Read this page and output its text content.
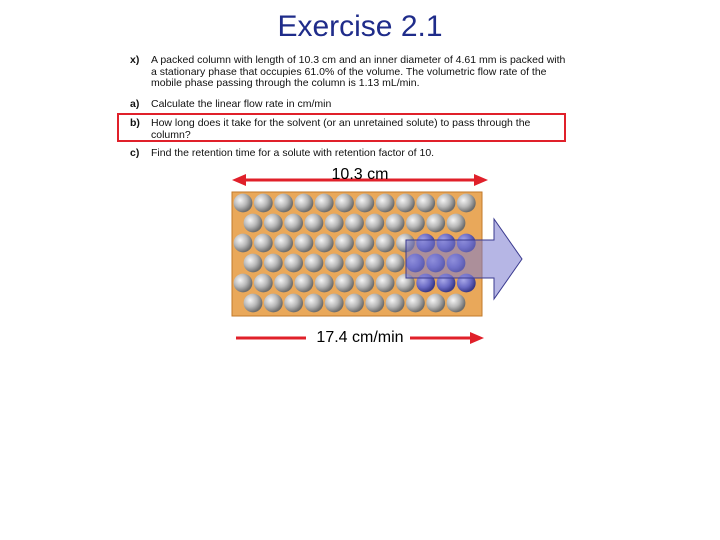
Exercise 2.1
x) A packed column with length of 10.3 cm and an inner diameter of 4.61 mm is packed with a stationary phase that occupies 61.0% of the volume. The volumetric flow rate of the mobile phase passing through the column is 1.13 mL/min.
a) Calculate the linear flow rate in cm/min
b) How long does it take for the solvent (or an unretained solute) to pass through the column?
c) Find the retention time for a solute with retention factor of 10.
10.3 cm
17.4 cm/min
